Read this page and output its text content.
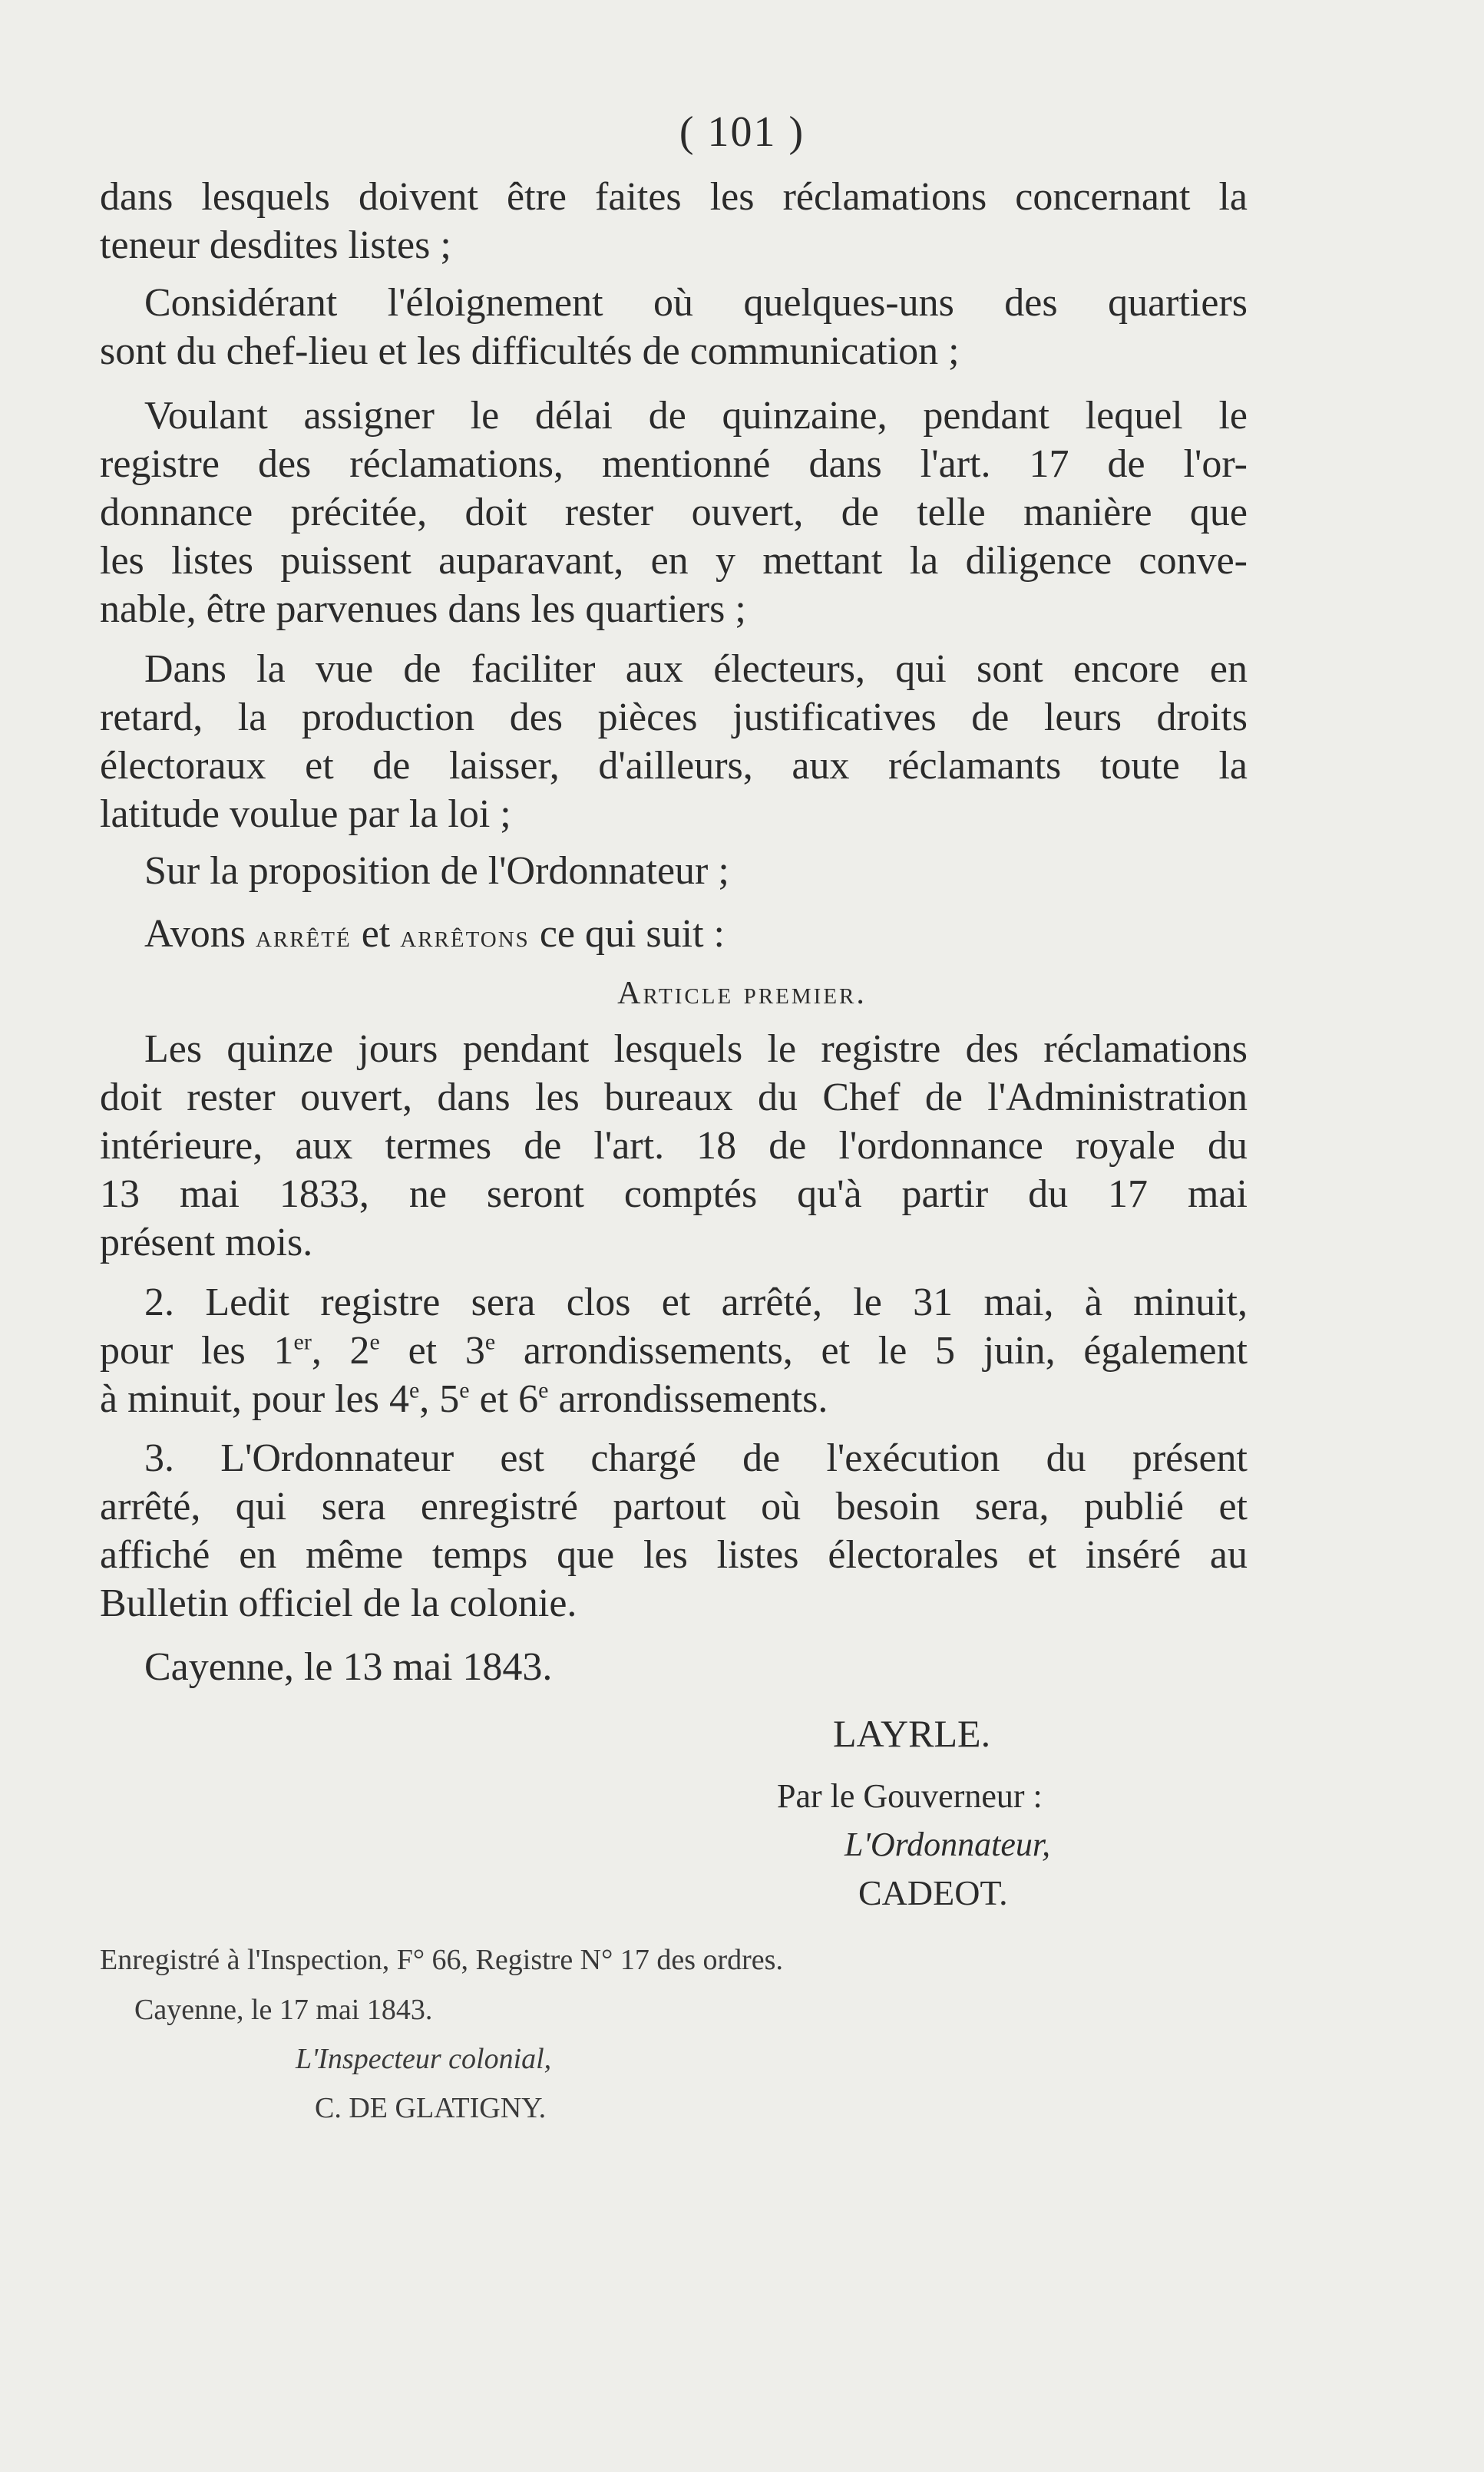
( 101 )
dans lesquels doivent être faites les réclamations concernant la
teneur desdites listes ;
Considérant l'éloignement où quelques-uns des quartiers
sont du chef-lieu et les difficultés de communication ;
Voulant assigner le délai de quinzaine, pendant lequel le
registre des réclamations, mentionné dans l'art. 17 de l'or-
donnance précitée, doit rester ouvert, de telle manière que
les listes puissent auparavant, en y mettant la diligence conve-
nable, être parvenues dans les quartiers ;
Dans la vue de faciliter aux électeurs, qui sont encore en
retard, la production des pièces justificatives de leurs droits
électoraux et de laisser, d'ailleurs, aux réclamants toute la
latitude voulue par la loi ;
Sur la proposition de l'Ordonnateur ;
Avons arrêté et arrêtons ce qui suit :
Article premier.
Les quinze jours pendant lesquels le registre des réclamations
doit rester ouvert, dans les bureaux du Chef de l'Administration
intérieure, aux termes de l'art. 18 de l'ordonnance royale du
13 mai 1833, ne seront comptés qu'à partir du 17 mai
présent mois.
2. Ledit registre sera clos et arrêté, le 31 mai, à minuit,
pour les 1er, 2e et 3e arrondissements, et le 5 juin, également
à minuit, pour les 4e, 5e et 6e arrondissements.
3. L'Ordonnateur est chargé de l'exécution du présent
arrêté, qui sera enregistré partout où besoin sera, publié et
affiché en même temps que les listes électorales et inséré au
Bulletin officiel de la colonie.
Cayenne, le 13 mai 1843.
LAYRLE.
Par le Gouverneur :
L'Ordonnateur,
CADEOT.
Enregistré à l'Inspection, F° 66, Registre N° 17 des ordres.
Cayenne, le 17 mai 1843.
L'Inspecteur colonial,
C. DE GLATIGNY.
